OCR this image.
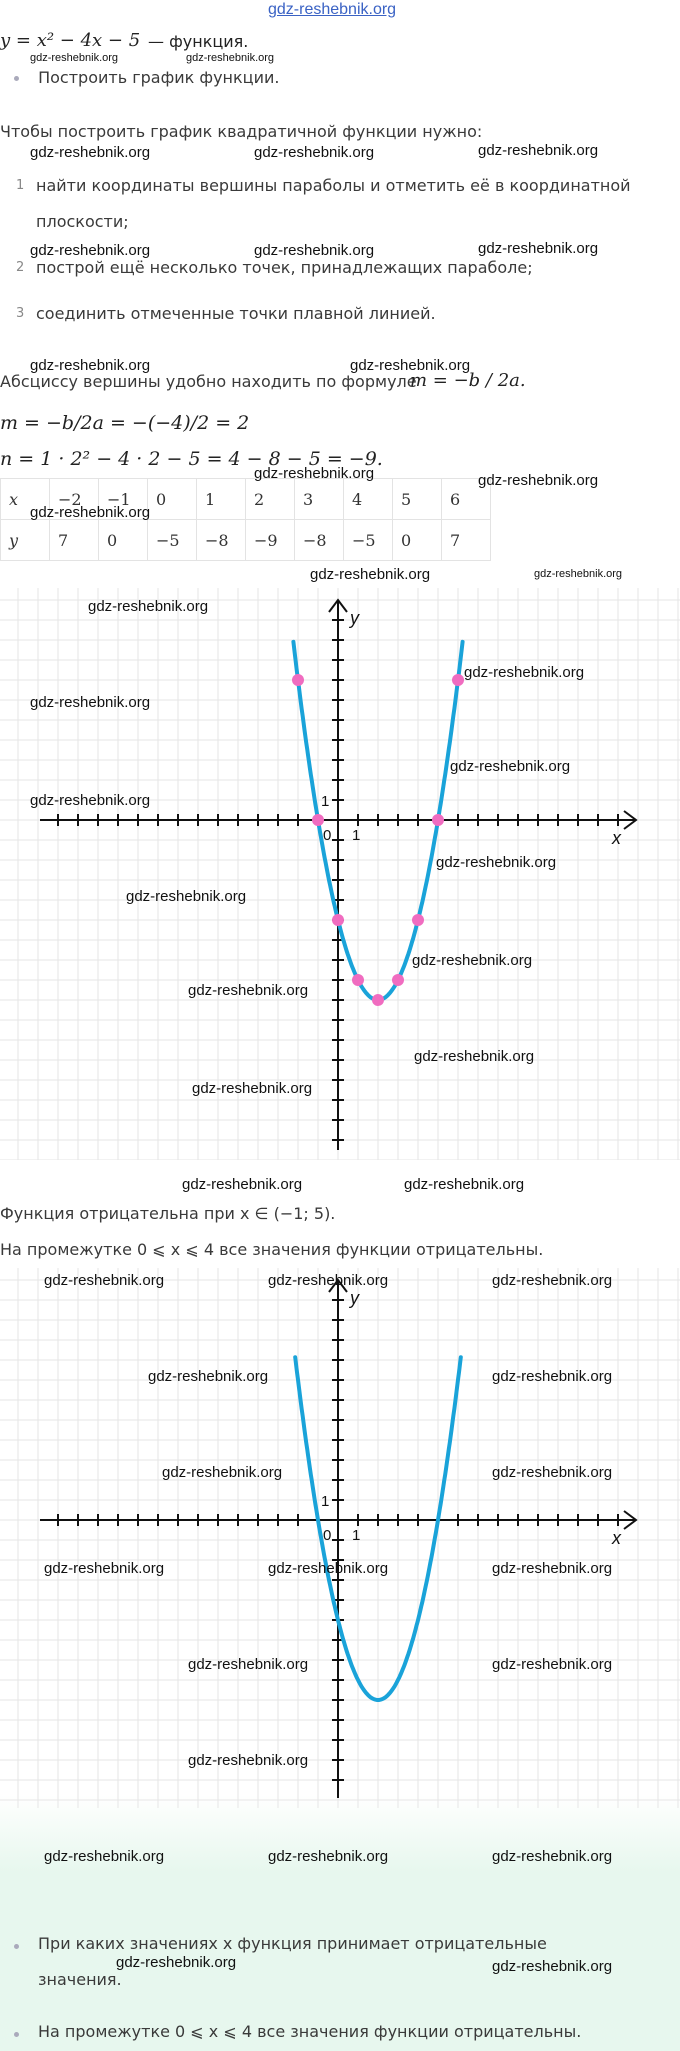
gdz-reshebnik.org
y = x² − 4x − 5 — функция.
Построить график функции.
Чтобы построить график квадратичной функции нужно:
1 найти координаты вершины параболы и отметить её в координатной
плоскости;
2 построй ещё несколько точек, принадлежащих параболе;
3 соединить отмеченные точки плавной линией.
Абсциссу вершины удобно находить по формуле
m = −b / 2a.
m = −b/2a = −(−4)/2 = 2
n = 1 · 2² − 4 · 2 − 5 = 4 − 8 − 5 = −9.
x	−2	−1	0	1	2	3	4	5	6
y	7	0	−5	−8	−9	−8	−5	0	7
x
y
0 1
1
Функция отрицательна при x ∈ (−1; 5).
На промежутке 0 ⩽ x ⩽ 4 все значения функции отрицательны.
x
y
0 1
1
При каких значениях x функция принимает отрицательные
значения.
На промежутке 0 ⩽ x ⩽ 4 все значения функции отрицательны.
gdz-reshebnik.org	gdz-reshebnik.org
gdz-reshebnik.org	gdz-reshebnik.org	gdz-reshebnik.org
gdz-reshebnik.org	gdz-reshebnik.org	gdz-reshebnik.org
gdz-reshebnik.org	gdz-reshebnik.org
gdz-reshebnik.org	gdz-reshebnik.org
gdz-reshebnik.org
gdz-reshebnik.org	gdz-reshebnik.org
gdz-reshebnik.org
gdz-reshebnik.org
gdz-reshebnik.org
gdz-reshebnik.org
gdz-reshebnik.org
gdz-reshebnik.org
gdz-reshebnik.org
gdz-reshebnik.org
gdz-reshebnik.org
gdz-reshebnik.org
gdz-reshebnik.org
gdz-reshebnik.org	gdz-reshebnik.org
gdz-reshebnik.org	gdz-reshebnik.org	gdz-reshebnik.org
gdz-reshebnik.org	gdz-reshebnik.org
gdz-reshebnik.org	gdz-reshebnik.org
gdz-reshebnik.org	gdz-reshebnik.org	gdz-reshebnik.org
gdz-reshebnik.org	gdz-reshebnik.org
gdz-reshebnik.org
gdz-reshebnik.org	gdz-reshebnik.org	gdz-reshebnik.org
gdz-reshebnik.org	gdz-reshebnik.org
